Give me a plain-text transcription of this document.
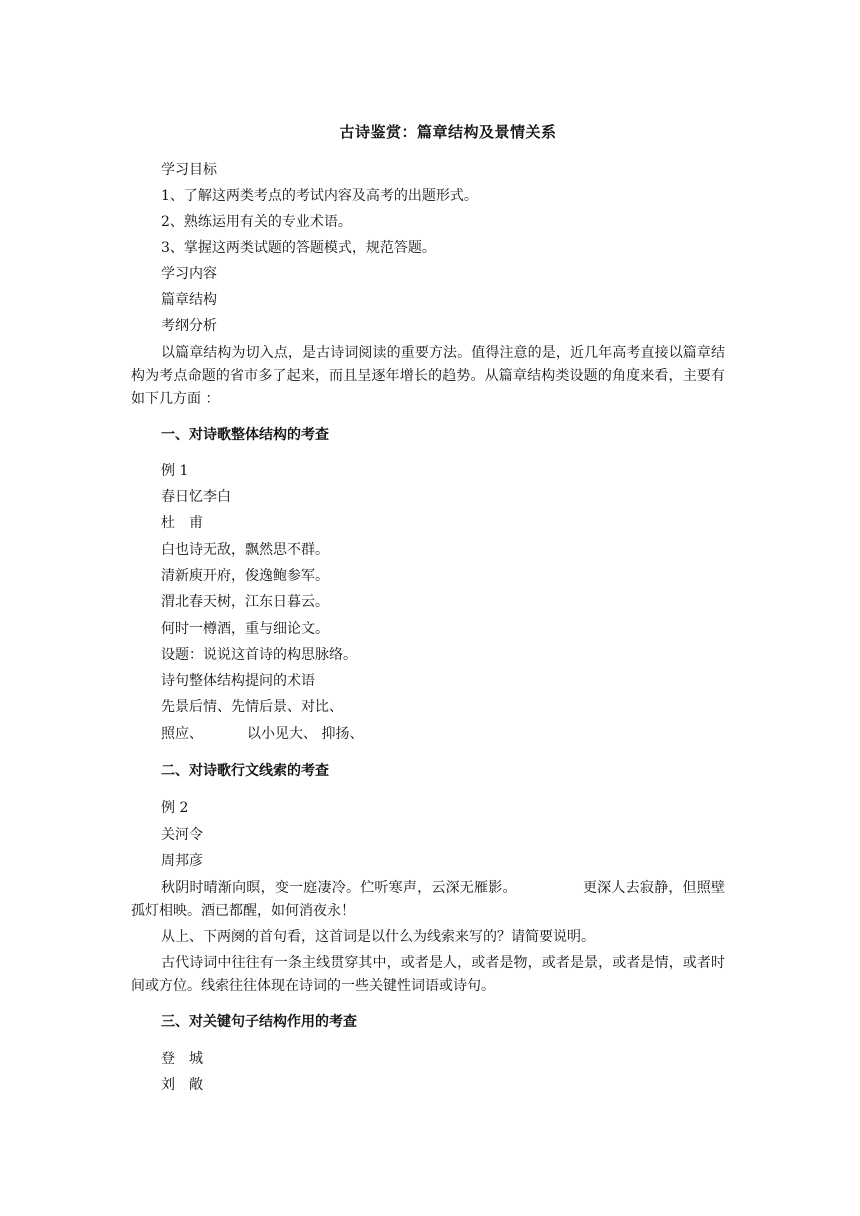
古诗鉴赏：篇章结构及景情关系
学习目标
1、了解这两类考点的考试内容及高考的出题形式。
2、熟练运用有关的专业术语。
3、掌握这两类试题的答题模式，规范答题。
学习内容
篇章结构
考纲分析
以篇章结构为切入点，是古诗词阅读的重要方法。值得注意的是，近几年高考直接以篇章结构为考点命题的省市多了起来，而且呈逐年增长的趋势。从篇章结构类设题的角度来看，主要有如下几方面 ：
一、对诗歌整体结构的考查
例 1
春日忆李白
杜　甫
白也诗无敌，飘然思不群。
清新庾开府，俊逸鲍参军。
渭北春天树，江东日暮云。
何时一樽酒，重与细论文。
设题：说说这首诗的构思脉络。
诗句整体结构提问的术语
先景后情、先情后景、对比、
照应、	以小见大、 抑扬、
二、对诗歌行文线索的考查
例 2
关河令
周邦彦
秋阴时晴渐向暝，变一庭凄冷。伫听寒声，云深无雁影。	更深人去寂静，但照壁孤灯相映。酒已都醒，如何消夜永！
从上、下两阕的首句看，这首词是以什么为线索来写的？请简要说明。
古代诗词中往往有一条主线贯穿其中，或者是人，或者是物，或者是景，或者是情，或者时间或方位。线索往往体现在诗词的一些关键性词语或诗句。
三、对关键句子结构作用的考查
登　城
刘　敞
